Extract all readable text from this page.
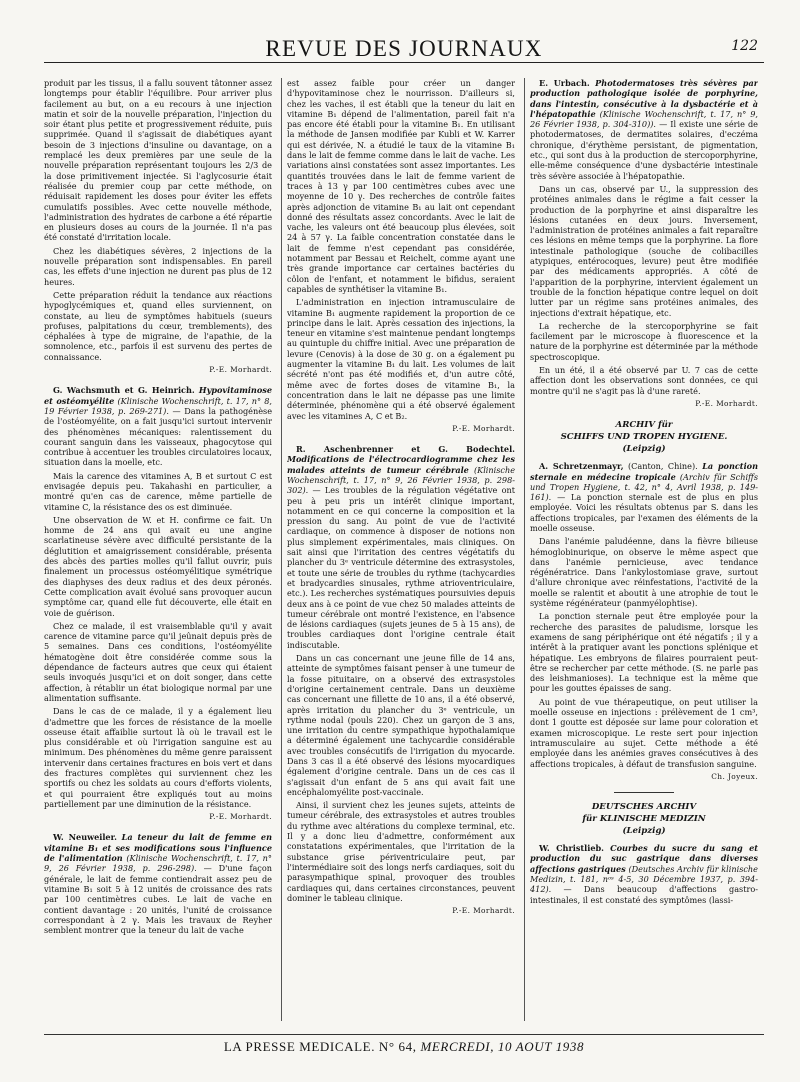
REVUE DES JOURNAUX	122

produit par les tissus, il a fallu souvent tâtonner assez longtemps pour établir l'équilibre. Pour arriver plus facilement au but, on a eu recours à une injection matin et soir de la nouvelle préparation, l'injection du soir étant plus petite et progressivement réduite, puis supprimée. Quand il s'agissait de diabétiques ayant besoin de 3 injections d'insuline ou davantage, on a remplacé les deux premières par une seule de la nouvelle préparation représentant toujours les 2/3 de la dose primitivement injectée. Si l'aglycosurie était réalisée du premier coup par cette méthode, on réduisait rapidement les doses pour éviter les effets cumulatifs possibles. Avec cette nouvelle méthode, l'administration des hydrates de carbone a été répartie en plusieurs doses au cours de la journée. Il n'a pas été constaté d'irritation locale.

Chez les diabétiques sévères, 2 injections de la nouvelle préparation sont indispensables. En pareil cas, les effets d'une injection ne durent pas plus de 12 heures.

Cette préparation réduit la tendance aux réactions hypoglycémiques et, quand elles surviennent, on constate, au lieu de symptômes habituels (sueurs profuses, palpitations du cœur, tremblements), des céphalées à type de migraine, de l'apathie, de la somnolence, etc., parfois il est survenu des pertes de connaissance.

P.-E. Morhardt.

G. Wachsmuth et G. Heinrich. Hypovitaminose et ostéomyélite (Klinische Wochenschrift, t. 17, n° 8, 19 Février 1938, p. 269-271). — Dans la pathogénèse de l'ostéomyélite, on a fait jusqu'ici surtout intervenir des phénomènes mécaniques: ralentissement du courant sanguin dans les vaisseaux, phagocytose qui contribue à accentuer les troubles circulatoires locaux, situation dans la moelle, etc.

Mais la carence des vitamines A, B et surtout C est envisagée depuis peu. Takahashi en particulier, a montré qu'en cas de carence, même partielle de vitamine C, la résistance des os est diminuée.

Une observation de W. et H. confirme ce fait. Un homme de 24 ans qui avait eu une angine scarlatineuse sévère avec difficulté persistante de la déglutition et amaigrissement considérable, présenta des abcès des parties molles qu'il fallut ouvrir, puis finalement un processus ostéomyélitique symétrique des diaphyses des deux radius et des deux péronés. Cette complication avait évolué sans provoquer aucun symptôme car, quand elle fut découverte, elle était en voie de guérison.

Chez ce malade, il est vraisemblable qu'il y avait carence de vitamine parce qu'il jeûnait depuis près de 5 semaines. Dans ces conditions, l'ostéomyélite hématogène doit être considérée comme sous la dépendance de facteurs autres que ceux qui étaient seuls invoqués jusqu'ici et on doit songer, dans cette affection, à rétablir un état biologique normal par une alimentation suffisante.

Dans le cas de ce malade, il y a également lieu d'admettre que les forces de résistance de la moelle osseuse était affaiblie surtout là où le travail est le plus considérable et où l'irrigation sanguine est au minimum. Des phénomènes du même genre paraissent intervenir dans certaines fractures en bois vert et dans des fractures complètes qui surviennent chez les sportifs ou chez les soldats au cours d'efforts violents, et qui pourraient être expliqués tout au moins partiellement par une diminution de la résistance.

P.-E. Morhardt.

W. Neuweiler. La teneur du lait de femme en vitamine B₁ et ses modifications sous l'influence de l'alimentation (Klinische Wochenschrift, t. 17, n° 9, 26 Février 1938, p. 296-298). — D'une façon générale, le lait de femme contiendrait assez peu de vitamine B₁ soit 5 à 12 unités de croissance des rats par 100 centimètres cubes. Le lait de vache en contient davantage : 20 unités, l'unité de croissance correspondant à 2 γ. Mais les travaux de Reyher semblent montrer que la teneur du lait de vache

est assez faible pour créer un danger d'hypovitaminose chez le nourrisson. D'ailleurs si, chez les vaches, il est établi que la teneur du lait en vitamine B₁ dépend de l'alimentation, pareil fait n'a pas encore été établi pour la vitamine B₁. En utilisant la méthode de Jansen modifiée par Kubli et W. Karrer qui est dérivée, N. a étudié le taux de la vitamine B₁ dans le lait de femme comme dans le lait de vache. Les variations ainsi constatées sont assez importantes. Les quantités trouvées dans le lait de femme varient de traces à 13 γ par 100 centimètres cubes avec une moyenne de 10 γ. Des recherches de contrôle faites après adjonction de vitamine B₁ au lait ont cependant donné des résultats assez concordants. Avec le lait de vache, les valeurs ont été beaucoup plus élevées, soit 24 à 57 γ. La faible concentration constatée dans le lait de femme n'est cependant pas considérée, notamment par Bessau et Reichelt, comme ayant une très grande importance car certaines bactéries du côlon de l'enfant, et notamment le bifidus, seraient capables de synthétiser la vitamine B₁.

L'administration en injection intramusculaire de vitamine B₁ augmente rapidement la proportion de ce principe dans le lait. Après cessation des injections, la teneur en vitamine s'est maintenue pendant longtemps au quintuple du chiffre initial. Avec une préparation de levure (Cenovis) à la dose de 30 g. on a également pu augmenter la vitamine B₁ du lait. Les volumes de lait sécrété n'ont pas été modifiés et, d'un autre côté, même avec de fortes doses de vitamine B₁, la concentration dans le lait ne dépasse pas une limite déterminée, phénomène qui a été observé également avec les vitamines A, C et B₂.

P.-E. Morhardt.

R. Aschenbrenner et G. Bodechtel. Modifications de l'électrocardiogramme chez les malades atteints de tumeur cérébrale (Klinische Wochenschrift, t. 17, n° 9, 26 Février 1938, p. 298-302). — Les troubles de la régulation végétative ont peu à peu pris un intérêt clinique important, notamment en ce qui concerne la composition et la pression du sang. Au point de vue de l'activité cardiaque, on commence à disposer de notions non plus simplement expérimentales, mais cliniques. On sait ainsi que l'irritation des centres végétatifs du plancher du 3ᵉ ventricule détermine des extrasystoles, et toute une série de troubles du rythme (tachycardies et bradycardies sinusales, rythme atrioventriculaire, etc.). Les recherches systématiques poursuivies depuis deux ans à ce point de vue chez 50 malades atteints de tumeur cérébrale ont montré l'existence, en l'absence de lésions cardiaques (sujets jeunes de 5 à 15 ans), de troubles cardiaques dont l'origine centrale était indiscutable.

Dans un cas concernant une jeune fille de 14 ans, atteinte de symptômes faisant penser à une tumeur de la fosse pituitaire, on a observé des extrasystoles d'origine certainement centrale. Dans un deuxième cas concernant une fillette de 10 ans, il a été observé, après irritation du plancher du 3ᵉ ventricule, un rythme nodal (pouls 220). Chez un garçon de 3 ans, une irritation du centre sympathique hypothalamique a déterminé également une tachycardie considérable avec troubles consécutifs de l'irrigation du myocarde. Dans 3 cas il a été observé des lésions myocardiques également d'origine centrale. Dans un de ces cas il s'agissait d'un enfant de 5 ans qui avait fait une encéphalomyélite post-vaccinale.

Ainsi, il survient chez les jeunes sujets, atteints de tumeur cérébrale, des extrasystoles et autres troubles du rythme avec altérations du complexe terminal, etc. Il y a donc lieu d'admettre, conformément aux constatations expérimentales, que l'irritation de la substance grise périventriculaire peut, par l'intermédiaire soit des longs nerfs cardiaques, soit du parasympathique spinal, provoquer des troubles cardiaques qui, dans certaines circonstances, peuvent dominer le tableau clinique.

P.-E. Morhardt.

E. Urbach. Photodermatoses très sévères par production pathologique isolée de porphyrine, dans l'intestin, consécutive à la dysbactérie et à l'hépatopathie (Klinische Wochenschrift, t. 17, n° 9, 26 Février 1938, p. 304-310)). — Il existe une série de photodermatoses, de dermatites solaires, d'eczéma chronique, d'érythème persistant, de pigmentation, etc., qui sont dus à la production de stercoporphyrine, elle-même conséquence d'une dysbactérie intestinale très sévère associée à l'hépatopathie.

Dans un cas, observé par U., la suppression des protéines animales dans le régime a fait cesser la production de la porphyrine et ainsi disparaître les lésions cutanées en deux jours. Inversement, l'administration de protéines animales a fait reparaître ces lésions en même temps que la porphyrine. La flore intestinale pathologique (souche de colibacilles atypiques, entérocoques, levure) peut être modifiée par des médicaments appropriés. A côté de l'apparition de la porphyrine, intervient également un trouble de la fonction hépatique contre lequel on doit lutter par un régime sans protéines animales, des injections d'extrait hépatique, etc.

La recherche de la stercoporphyrine se fait facilement par le microscope à fluorescence et la nature de la porphyrine est déterminée par la méthode spectroscopique.

En un été, il a été observé par U. 7 cas de cette affection dont les observations sont données, ce qui montre qu'il ne s'agit pas là d'une rareté.

P.-E. Morhardt.

ARCHIV für
SCHIFFS UND TROPEN HYGIENE.
(Leipzig)

A. Schretzenmayr, (Canton, Chine). La ponction sternale en médecine tropicale (Archiv für Schiffs und Tropen Hygiene, t. 42, n° 4, Avril 1938, p. 149-161). — La ponction sternale est de plus en plus employée. Voici les résultats obtenus par S. dans les affections tropicales, par l'examen des éléments de la moelle osseuse.

Dans l'anémie paludéenne, dans la fièvre bilieuse hémoglobinurique, on observe le même aspect que dans l'anémie pernicieuse, avec tendance régénératrice. Dans l'ankylostomiase grave, surtout d'allure chronique avec réinfestations, l'activité de la moelle se ralentit et aboutit à une atrophie de tout le système régénérateur (panmyélophtise).

La ponction sternale peut être employée pour la recherche des parasites de paludisme, lorsque les examens de sang périphérique ont été négatifs ; il y a intérêt à la pratiquer avant les ponctions splénique et hépatique. Les embryons de filaires pourraient peut-être se rechercher par cette méthode. (S. ne parle pas des leishmanioses). La technique est la même que pour les gouttes épaisses de sang.

Au point de vue thérapeutique, on peut utiliser la moelle osseuse en injections : prélèvement de 1 cm³, dont 1 goutte est déposée sur lame pour coloration et examen microscopique. Le reste sert pour injection intramusculaire au sujet. Cette méthode a été employée dans les anémies graves consécutives à des affections tropicales, à défaut de transfusion sanguine.

Ch. Joyeux.

DEUTSCHES ARCHIV
für KLINISCHE MEDIZIN
(Leipzig)

W. Christlieb. Courbes du sucre du sang et production du suc gastrique dans diverses affections gastriques (Deutsches Archiv für klinische Medizin, t. 181, nᵒˢ 4-5, 30 Décembre 1937, p. 394-412). — Dans beaucoup d'affections gastro-intestinales, il est constaté des symptômes (lassi-

LA PRESSE MEDICALE. N° 64, MERCREDI, 10 AOUT 1938
